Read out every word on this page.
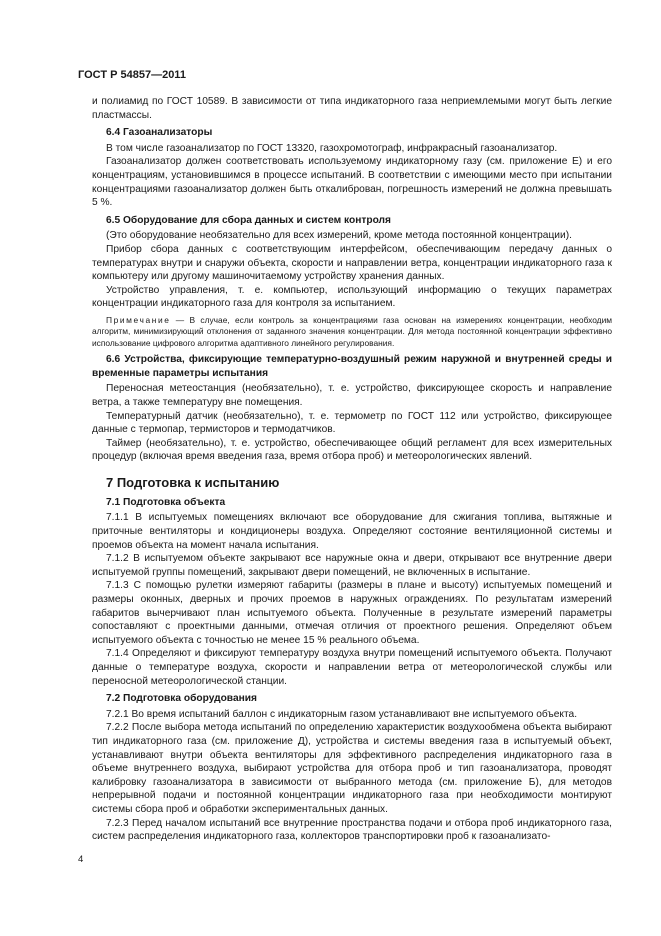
ГОСТ Р 54857—2011

и полиамид по ГОСТ 10589. В зависимости от типа индикаторного газа неприемлемыми могут быть легкие пластмассы.

6.4 Газоанализаторы

В том числе газоанализатор по ГОСТ 13320, газохромотограф, инфракрасный газоанализатор.

Газоанализатор должен соответствовать используемому индикаторному газу (см. приложение Е) и его концентрациям, установившимся в процессе испытаний. В соответствии с имеющими место при испытании концентрациями газоанализатор должен быть откалиброван, погрешность измерений не должна превышать 5 %.

6.5 Оборудование для сбора данных и систем контроля

(Это оборудование необязательно для всех измерений, кроме метода постоянной концентрации).

Прибор сбора данных с соответствующим интерфейсом, обеспечивающим передачу данных о температурах внутри и снаружи объекта, скорости и направлении ветра, концентрации индикаторного газа к компьютеру или другому машиночитаемому устройству хранения данных.

Устройство управления, т. е. компьютер, использующий информацию о текущих параметрах концентрации индикаторного газа для контроля за испытанием.

Примечание — В случае, если контроль за концентрациями газа основан на измерениях концентрации, необходим алгоритм, минимизирующий отклонения от заданного значения концентрации. Для метода постоянной концентрации эффективно использование цифрового алгоритма адаптивного линейного регулирования.

6.6 Устройства, фиксирующие температурно-воздушный режим наружной и внутренней среды и временные параметры испытания

Переносная метеостанция (необязательно), т. е. устройство, фиксирующее скорость и направление ветра, а также температуру вне помещения.

Температурный датчик (необязательно), т. е. термометр по ГОСТ 112 или устройство, фиксирующее данные с термопар, термисторов и термодатчиков.

Таймер (необязательно), т. е. устройство, обеспечивающее общий регламент для всех измерительных процедур (включая время введения газа, время отбора проб) и метеорологических явлений.

7 Подготовка к испытанию

7.1 Подготовка объекта

7.1.1 В испытуемых помещениях включают все оборудование для сжигания топлива, вытяжные и приточные вентиляторы и кондиционеры воздуха. Определяют состояние вентиляционной системы и проемов объекта на момент начала испытания.

7.1.2 В испытуемом объекте закрывают все наружные окна и двери, открывают все внутренние двери испытуемой группы помещений, закрывают двери помещений, не включенных в испытание.

7.1.3 С помощью рулетки измеряют габариты (размеры в плане и высоту) испытуемых помещений и размеры оконных, дверных и прочих проемов в наружных ограждениях. По результатам измерений габаритов вычерчивают план испытуемого объекта. Полученные в результате измерений параметры сопоставляют с проектными данными, отмечая отличия от проектного решения. Определяют объем испытуемого объекта с точностью не менее 15 % реального объема.

7.1.4 Определяют и фиксируют температуру воздуха внутри помещений испытуемого объекта. Получают данные о температуре воздуха, скорости и направлении ветра от метеорологической службы или переносной метеорологической станции.

7.2 Подготовка оборудования

7.2.1 Во время испытаний баллон с индикаторным газом устанавливают вне испытуемого объекта.

7.2.2 После выбора метода испытаний по определению характеристик воздухообмена объекта выбирают тип индикаторного газа (см. приложение Д), устройства и системы введения газа в испытуемый объект, устанавливают внутри объекта вентиляторы для эффективного распределения индикаторного газа в объеме внутреннего воздуха, выбирают устройства для отбора проб и тип газоанализатора, проводят калибровку газоанализатора в зависимости от выбранного метода (см. приложение Б), для методов непрерывной подачи и постоянной концентрации индикаторного газа при необходимости монтируют системы сбора проб и обработки экспериментальных данных.

7.2.3 Перед началом испытаний все внутренние пространства подачи и отбора проб индикаторного газа, систем распределения индикаторного газа, коллекторов транспортировки проб к газоанализато-

4
